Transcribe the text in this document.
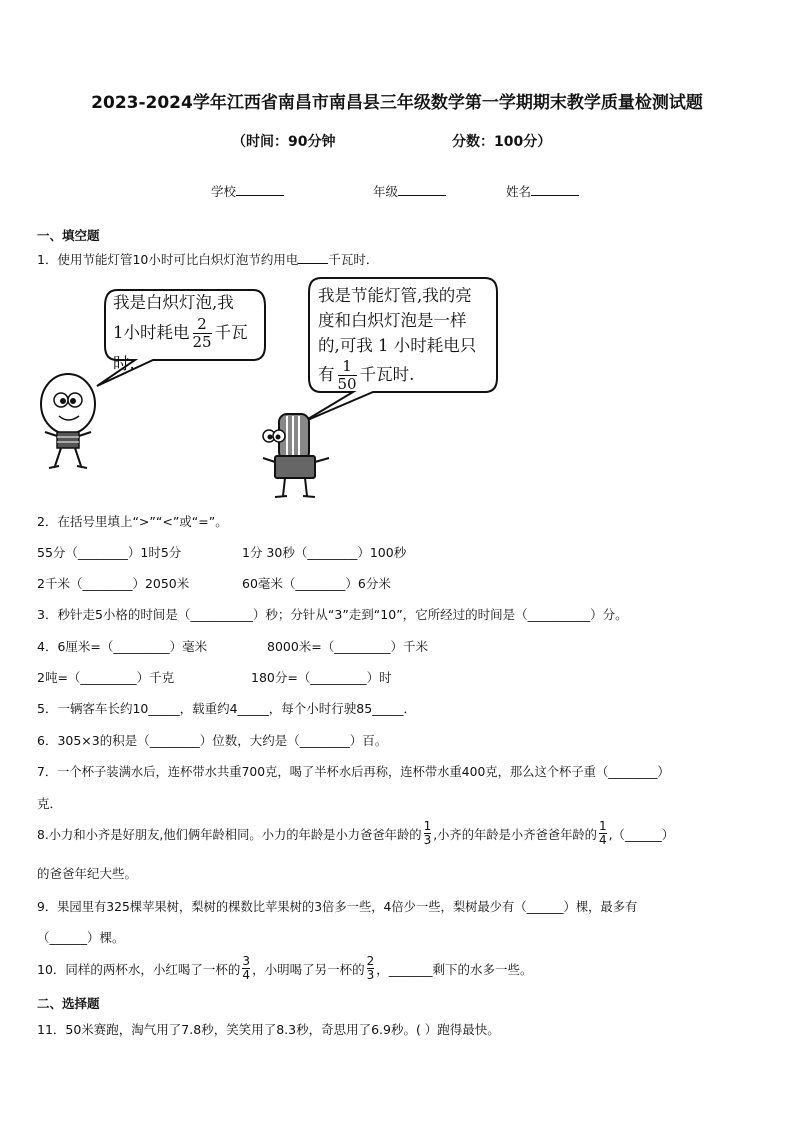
2023-2024学年江西省南昌市南昌县三年级数学第一学期期末教学质量检测试题
（时间：90分钟	分数：100分）
学校	年级	姓名
一、填空题
1．使用节能灯管10小时可比白炽灯泡节约用电 千瓦时．
我是白炽灯泡,我
1小时耗电 $\frac{2}{25}$ 千瓦
时.
我是节能灯管,我的亮
度和白炽灯泡是一样
的,可我 1 小时耗电只
有 $\frac{1}{50}$ 千瓦时.
2．在括号里填上“>”“<”或“=”。
55分（________）1时5分	1分 30秒（________）100秒
2千米（________）2050米	60毫米（________）6分米
3．秒针走5小格的时间是（__________）秒；分针从“3”走到“10”，它所经过的时间是（__________）分。
4．6厘米=（_________）毫米	8000米=（_________）千米
2吨=（_________）千克	180分=（_________）时
5．一辆客车长约10_____，载重约4_____，每个小时行驶85_____．
6．305×3的积是（________）位数，大约是（________）百。
7．一个杯子装满水后，连杯带水共重700克，喝了半杯水后再称，连杯带水重400克，那么这个杯子重（________）
克．
8.小力和小齐是好朋友,他们俩年龄相同。小力的年龄是小力爸爸年龄的 $\frac{1}{3}$ ,小齐的年龄是小齐爸爸年龄的 $\frac{1}{4}$ ,（______）
的爸爸年纪大些。
9．果园里有325棵苹果树，梨树的棵数比苹果树的3倍多一些，4倍少一些，梨树最少有（______）棵，最多有
（______）棵。
10．同样的两杯水，小红喝了一杯的 $\frac{3}{4}$ ，小明喝了另一杯的 $\frac{2}{3}$ ，_______剩下的水多一些。
二、选择题
11．50米赛跑，淘气用了7.8秒，笑笑用了8.3秒，奇思用了6.9秒。( ）跑得最快。
